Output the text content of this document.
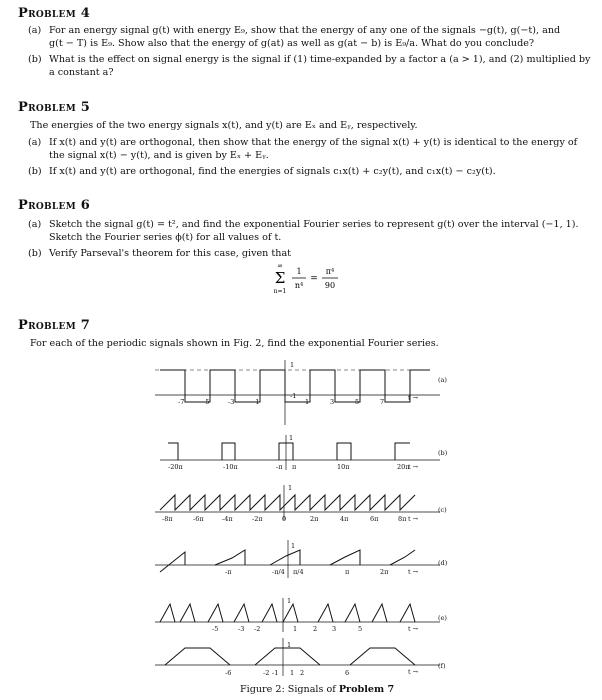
Problem 4
(a) For an energy signal g(t) with energy E₉, show that the energy of any one of the signals −g(t), g(−t), and
g(t − T) is E₉. Show also that the energy of g(at) as well as g(at − b) is E₉/a. What do you conclude?
(b) What is the effect on signal energy is the signal if (1) time-expanded by a factor a (a > 1), and (2) multiplied by
a constant a?
Problem 5
The energies of the two energy signals x(t), and y(t) are Eₓ and Eᵧ, respectively.
(a) If x(t) and y(t) are orthogonal, then show that the energy of the signal x(t) + y(t) is identical to the energy of
the signal x(t) − y(t), and is given by Eₓ + Eᵧ.
(b) If x(t) and y(t) are orthogonal, find the energies of signals c₁x(t) + c₂y(t), and c₁x(t) − c₂y(t).
Problem 6
(a) Sketch the signal g(t) = t², and find the exponential Fourier series to represent g(t) over the interval (−1, 1).
Sketch the Fourier series ϕ(t) for all values of t.
(b) Verify Parseval's theorem for this case, given that
∞
Σ
n=1
1
n⁴
=
π⁴
90
Problem 7
For each of the periodic signals shown in Fig. 2, find the exponential Fourier series.
(a)
t →
-1
1
-7	-5	-3	-1	1	3	5	7
(b)
t →
1
-20π	-10π	-π π	10π	20π
(c)
t →
1
-8π	-6π	-4π	-2π	0	2π	4π	6π	8π
(d)
t →
1
-π	-π/4 π/4	π	2π
(e)
t →
1
-5	-3 -2	1 2 3	5
(f)
t →
1
-6	-2 -1 1 2	6
Figure 2: Signals of Problem 7
